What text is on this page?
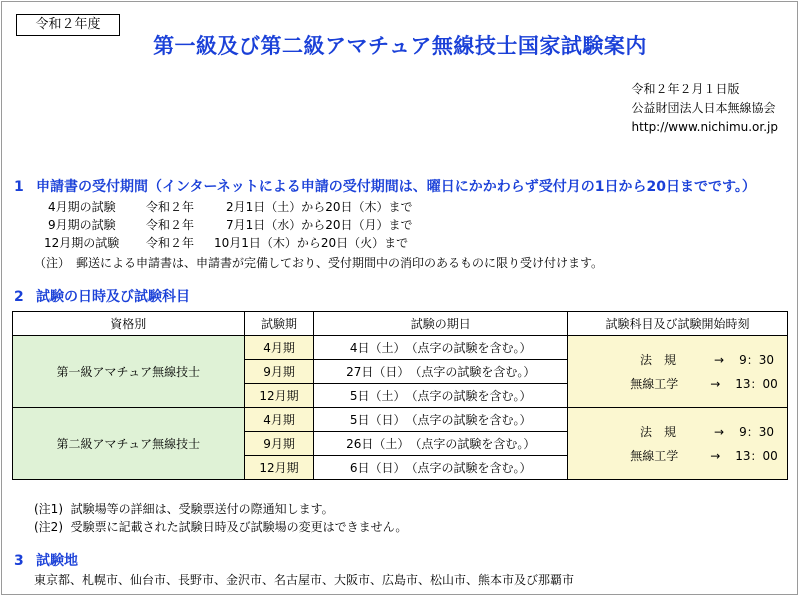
令和２年度
第一級及び第二級アマチュア無線技士国家試験案内
令和２年２月１日版
公益財団法人日本無線協会
http://www.nichimu.or.jp
1 申請書の受付期間（インターネットによる申請の受付期間は、曜日にかかわらず受付月の1日から20日までです。）
4月期の試験	令和２年　2月1日（土）から20日（木）まで
9月期の試験	令和２年　7月1日（水）から20日（月）まで
12月期の試験 令和２年 10月1日（木）から20日（火）まで
（注）　郵送による申請書は、申請書が完備しており、受付期間中の消印のあるものに限り受け付けます。
2 試験の日時及び試験科目
資格別	試験期	試験の期日	試験科目及び試験開始時刻
第一級アマチュア無線技士	4月期	4日（土）　（点字の試験を含む。）	法　規 → 9：30
無線工学 → 13：00

	9月期	27日（日）　（点字の試験を含む。）	
	12月期	5日（土）　（点字の試験を含む。）	
第二級アマチュア無線技士	4月期	5日（日）　（点字の試験を含む。）	法　規 → 9：30
無線工学 → 13：00

	9月期	26日（土）　（点字の試験を含む。）	
	12月期	6日（日）　（点字の試験を含む。）	
(注1)  試験場等の詳細は、受験票送付の際通知します。
(注2)  受験票に記載された試験日時及び試験場の変更はできません。
3 試験地
東京都、札幌市、仙台市、長野市、金沢市、名古屋市、大阪市、広島市、松山市、熊本市及び那覇市
